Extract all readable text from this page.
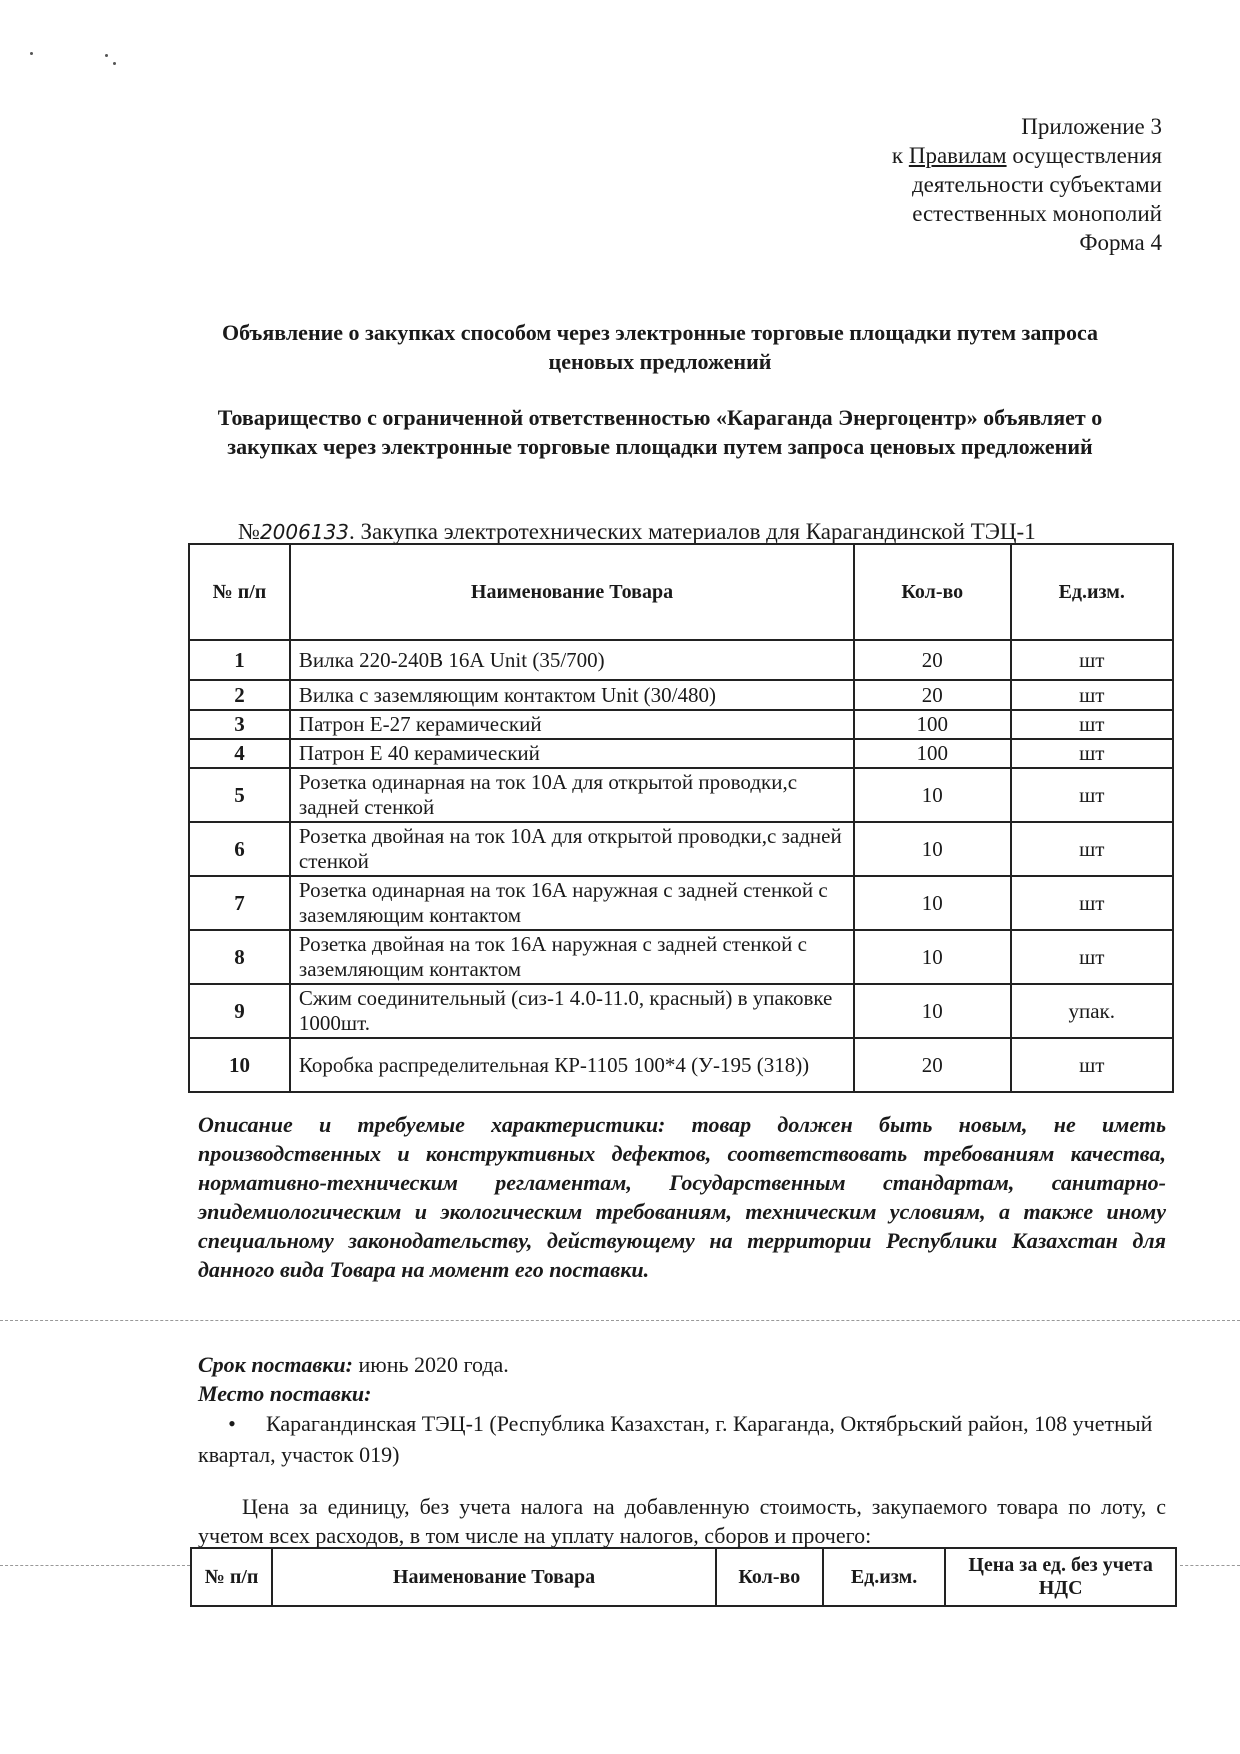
Приложение 3
к Правилам осуществления
деятельности субъектами
естественных монополий
Форма 4
Объявление о закупках способом через электронные торговые площадки путем запроса ценовых предложений
Товарищество с ограниченной ответственностью «Караганда Энергоцентр» объявляет о закупках через электронные торговые площадки путем запроса ценовых предложений
№2006133. Закупка электротехнических материалов для Карагандинской ТЭЦ-1
№ п/п	Наименование Товара	Кол-во	Ед.изм.
1	Вилка 220-240В 16А Unit (35/700)	20	шт
2	Вилка с заземляющим контактом Unit (30/480)	20	шт
3	Патрон Е-27 керамический	100	шт
4	Патрон Е 40 керамический	100	шт
5	Розетка одинарная на ток 10А для открытой проводки,с задней стенкой	10	шт
6	Розетка двойная на ток 10А для открытой проводки,с задней стенкой	10	шт
7	Розетка одинарная на ток 16А наружная с задней стенкой с заземляющим контактом	10	шт
8	Розетка двойная на ток 16А наружная с задней стенкой с заземляющим контактом	10	шт
9	Сжим соединительный (сиз-1 4.0-11.0, красный) в упаковке 1000шт.	10	упак.
10	Коробка распределительная КР-1105 100*4 (У-195 (318))	20	шт
Описание и требуемые характеристики: товар должен быть новым, не иметь производственных и конструктивных дефектов, соответствовать требованиям качества, нормативно-техническим регламентам, Государственным стандартам, санитарно-эпидемиологическим и экологическим требованиям, техническим условиям, а также иному специальному законодательству, действующему на территории Республики Казахстан для данного вида Товара на момент его поставки.
Срок поставки: июнь 2020 года.
Место поставки:
• Карагандинская ТЭЦ-1 (Республика Казахстан, г. Караганда, Октябрьский район, 108 учетный квартал, участок 019)
Цена за единицу, без учета налога на добавленную стоимость, закупаемого товара по лоту, с учетом всех расходов, в том числе на уплату налогов, сборов и прочего:
№ п/п	Наименование Товара	Кол-во	Ед.изм.	Цена за ед. без учета НДС
